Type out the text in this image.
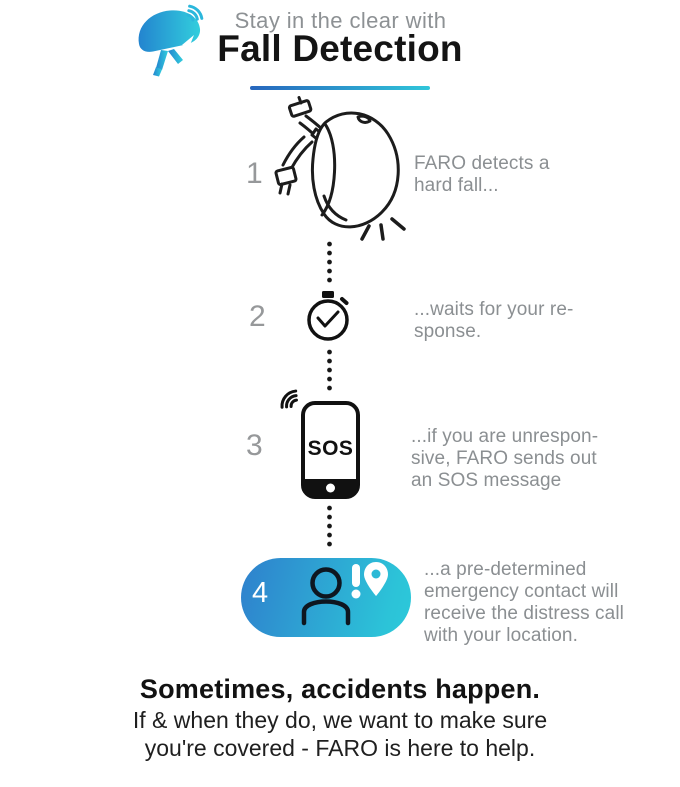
Stay in the clear with
Fall Detection
1	FARO detects a
hard fall...
2	...waits for your re-
sponse.
3 SOS
...if you are unrespon-
sive, FARO sends out
an SOS message
4
...a pre-determined
emergency contact will
receive the distress call
with your location.
Sometimes, accidents happen.
If & when they do, we want to make sure
you're covered - FARO is here to help.
